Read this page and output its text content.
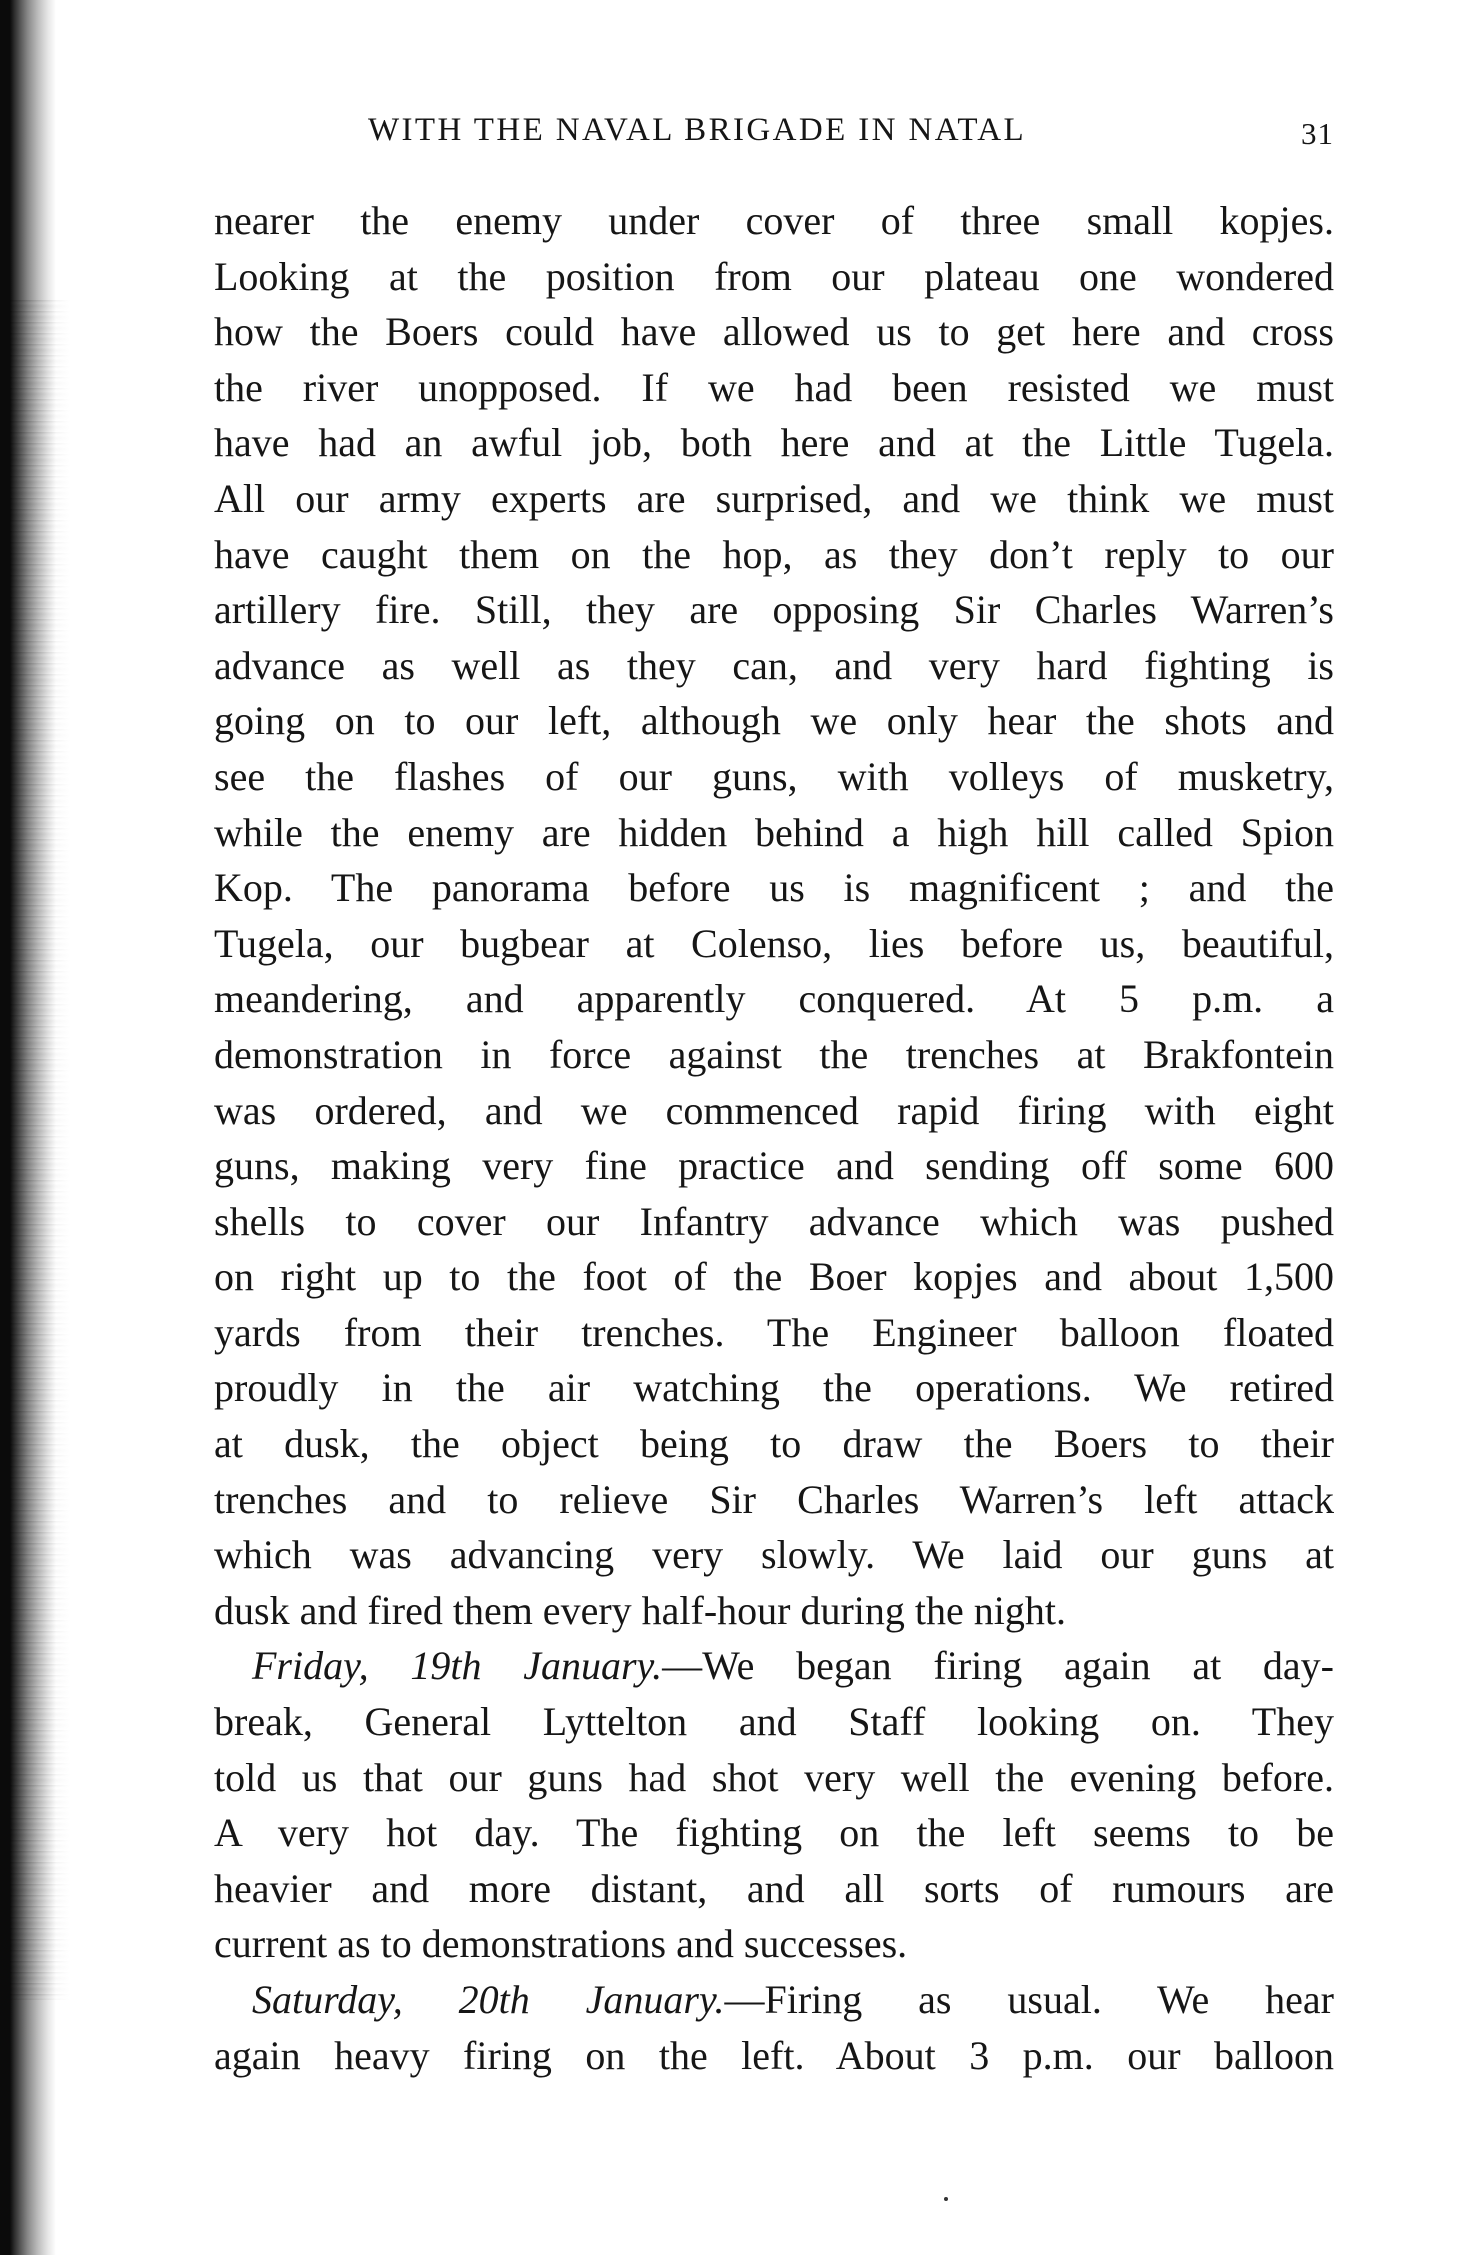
WITH THE NAVAL BRIGADE IN NATAL	31
nearer the enemy under cover of three small kopjes.
Looking at the position from our plateau one wondered
how the Boers could have allowed us to get here and cross
the river unopposed. If we had been resisted we must
have had an awful job, both here and at the Little Tugela.
All our army experts are surprised, and we think we must
have caught them on the hop, as they don’t reply to our
artillery fire. Still, they are opposing Sir Charles Warren’s
advance as well as they can, and very hard fighting is
going on to our left, although we only hear the shots and
see the flashes of our guns, with volleys of musketry,
while the enemy are hidden behind a high hill called Spion
Kop. The panorama before us is magnificent ; and the
Tugela, our bugbear at Colenso, lies before us, beautiful,
meandering, and apparently conquered. At 5 p.m. a
demonstration in force against the trenches at Brakfontein
was ordered, and we commenced rapid firing with eight
guns, making very fine practice and sending off some 600
shells to cover our Infantry advance which was pushed
on right up to the foot of the Boer kopjes and about 1,500
yards from their trenches. The Engineer balloon floated
proudly in the air watching the operations. We retired
at dusk, the object being to draw the Boers to their
trenches and to relieve Sir Charles Warren’s left attack
which was advancing very slowly. We laid our guns at
dusk and fired them every half-hour during the night.
Friday, 19th January.—We began firing again at day-
break, General Lyttelton and Staff looking on. They
told us that our guns had shot very well the evening before.
A very hot day. The fighting on the left seems to be
heavier and more distant, and all sorts of rumours are
current as to demonstrations and successes.
Saturday, 20th January.—Firing as usual. We hear
again heavy firing on the left. About 3 p.m. our balloon
